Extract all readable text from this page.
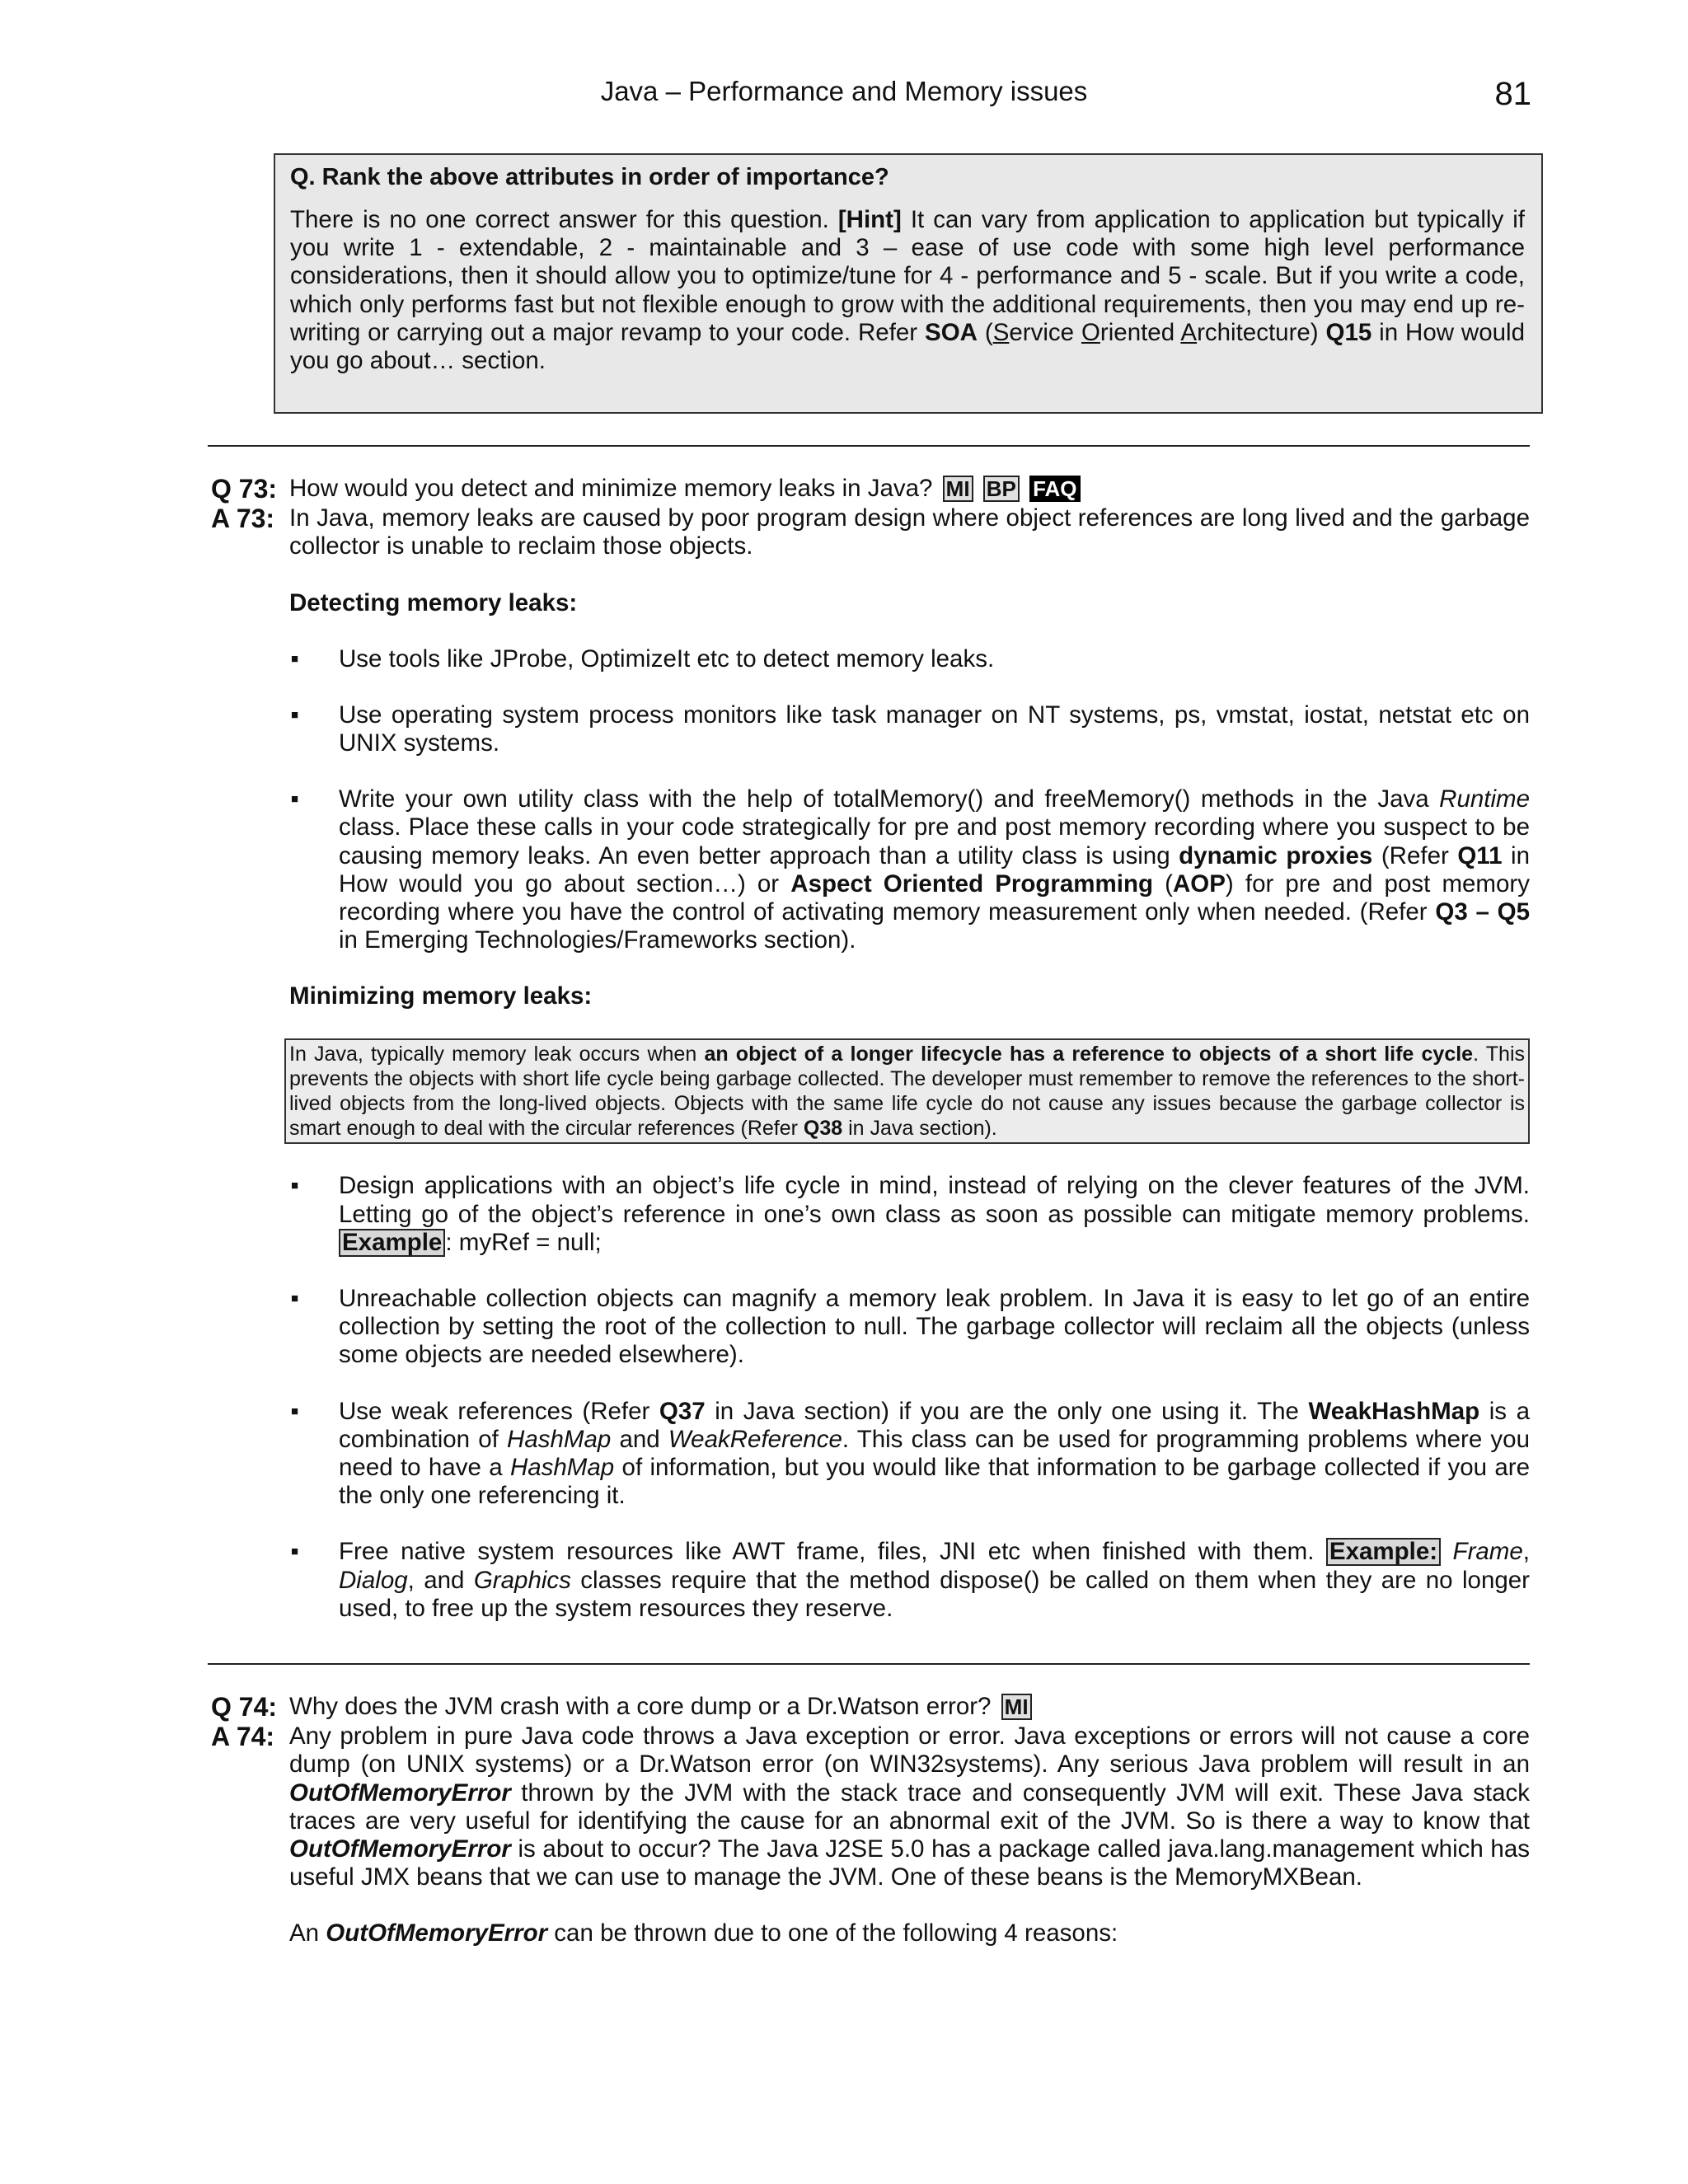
Java – Performance and Memory issues	81
Q. Rank the above attributes in order of importance?
There is no one correct answer for this question. [Hint] It can vary from application to application but typically if you write 1 - extendable, 2 - maintainable and 3 – ease of use code with some high level performance considerations, then it should allow you to optimize/tune for 4 - performance and 5 - scale. But if you write a code, which only performs fast but not flexible enough to grow with the additional requirements, then you may end up re-writing or carrying out a major revamp to your code. Refer SOA (Service Oriented Architecture) Q15 in How would you go about… section.
Q 73: How would you detect and minimize memory leaks in Java? MI BP FAQ
A 73: In Java, memory leaks are caused by poor program design where object references are long lived and the garbage collector is unable to reclaim those objects.
Detecting memory leaks:
■ Use tools like JProbe, OptimizeIt etc to detect memory leaks.
■ Use operating system process monitors like task manager on NT systems, ps, vmstat, iostat, netstat etc on UNIX systems.
■ Write your own utility class with the help of totalMemory() and freeMemory() methods in the Java Runtime class. Place these calls in your code strategically for pre and post memory recording where you suspect to be causing memory leaks. An even better approach than a utility class is using dynamic proxies (Refer Q11 in How would you go about section…) or Aspect Oriented Programming (AOP) for pre and post memory recording where you have the control of activating memory measurement only when needed. (Refer Q3 – Q5 in Emerging Technologies/Frameworks section).
Minimizing memory leaks:
In Java, typically memory leak occurs when an object of a longer lifecycle has a reference to objects of a short life cycle. This prevents the objects with short life cycle being garbage collected. The developer must remember to remove the references to the short-lived objects from the long-lived objects. Objects with the same life cycle do not cause any issues because the garbage collector is smart enough to deal with the circular references (Refer Q38 in Java section).
■ Design applications with an object’s life cycle in mind, instead of relying on the clever features of the JVM. Letting go of the object’s reference in one’s own class as soon as possible can mitigate memory problems. Example : myRef = null;
■ Unreachable collection objects can magnify a memory leak problem. In Java it is easy to let go of an entire collection by setting the root of the collection to null. The garbage collector will reclaim all the objects (unless some objects are needed elsewhere).
■ Use weak references (Refer Q37 in Java section) if you are the only one using it. The WeakHashMap is a combination of HashMap and WeakReference. This class can be used for programming problems where you need to have a HashMap of information, but you would like that information to be garbage collected if you are the only one referencing it.
■ Free native system resources like AWT frame, files, JNI etc when finished with them. Example: Frame, Dialog, and Graphics classes require that the method dispose() be called on them when they are no longer used, to free up the system resources they reserve.
Q 74: Why does the JVM crash with a core dump or a Dr.Watson error? MI
A 74: Any problem in pure Java code throws a Java exception or error. Java exceptions or errors will not cause a core dump (on UNIX systems) or a Dr.Watson error (on WIN32systems). Any serious Java problem will result in an OutOfMemoryError thrown by the JVM with the stack trace and consequently JVM will exit. These Java stack traces are very useful for identifying the cause for an abnormal exit of the JVM. So is there a way to know that OutOfMemoryError is about to occur? The Java J2SE 5.0 has a package called java.lang.management which has useful JMX beans that we can use to manage the JVM. One of these beans is the MemoryMXBean.
An OutOfMemoryError can be thrown due to one of the following 4 reasons:
